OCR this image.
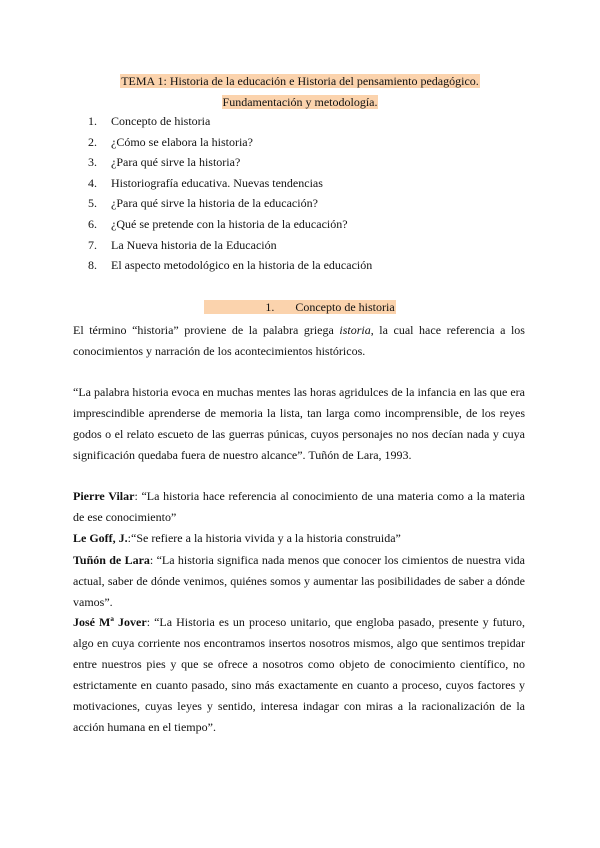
TEMA 1: Historia de la educación e Historia del pensamiento pedagógico.
Fundamentación y metodología.
1. Concepto de historia
2. ¿Cómo se elabora la historia?
3. ¿Para qué sirve la historia?
4. Historiografía educativa. Nuevas tendencias
5. ¿Para qué sirve la historia de la educación?
6. ¿Qué se pretende con la historia de la educación?
7. La Nueva historia de la Educación
8. El aspecto metodológico en la historia de la educación
1. Concepto de historia

El término “historia” proviene de la palabra griega istoria, la cual hace referencia a los conocimientos y narración de los acontecimientos históricos.

“La palabra historia evoca en muchas mentes las horas agridulces de la infancia en las que era imprescindible aprenderse de memoria la lista, tan larga como incomprensible, de los reyes godos o el relato escueto de las guerras púnicas, cuyos personajes no nos decían nada y cuya significación quedaba fuera de nuestro alcance”. Tuñón de Lara, 1993.

Pierre Vilar: “La historia hace referencia al conocimiento de una materia como a la materia de ese conocimiento”

Le Goff, J.:“Se refiere a la historia vivida y a la historia construida”

Tuñón de Lara: “La historia significa nada menos que conocer los cimientos de nuestra vida actual, saber de dónde venimos, quiénes somos y aumentar las posibilidades de saber a dónde vamos”.

José Mª Jover: “La Historia es un proceso unitario, que engloba pasado, presente y futuro, algo en cuya corriente nos encontramos insertos nosotros mismos, algo que sentimos trepidar entre nuestros pies y que se ofrece a nosotros como objeto de conocimiento científico, no estrictamente en cuanto pasado, sino más exactamente en cuanto a proceso, cuyos factores y motivaciones, cuyas leyes y sentido, interesa indagar con miras a la racionalización de la acción humana en el tiempo”.
